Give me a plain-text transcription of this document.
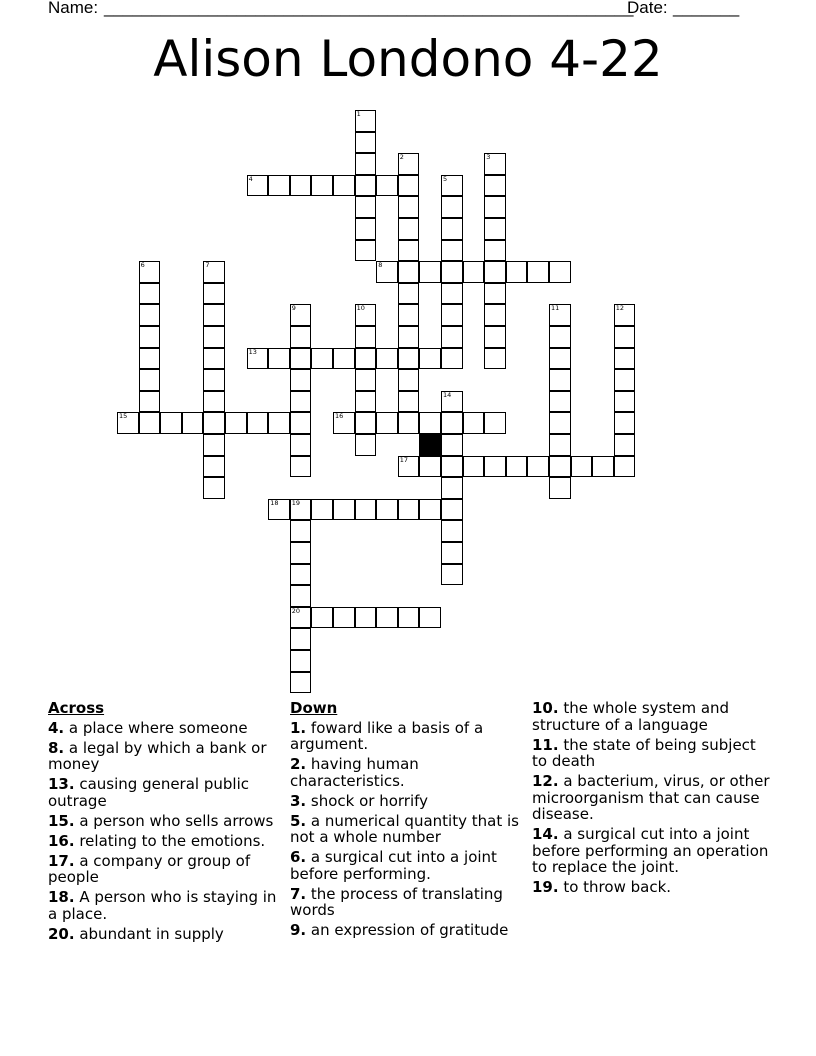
Name: ________________________________________________________
Date: _______
Alison Londono 4-22
1
2	3
4	5
6	7	8
9	10	11	12
13
14
15	16
17
18 19
20
Across
4. a place where someone
8. a legal by which a bank or money
13. causing general public outrage
15. a person who sells arrows
16. relating to the emotions.
17. a company or group of people
18. A person who is staying in a place.
20. abundant in supply
Down
1. foward like a basis of a argument.
2. having human characteristics.
3. shock or horrify
5. a numerical quantity that is not a whole number
6. a surgical cut into a joint before performing.
7. the process of translating words
9. an expression of gratitude
10. the whole system and structure of a language
11. the state of being subject to death
12. a bacterium, virus, or other microorganism that can cause disease.
14. a surgical cut into a joint before performing an operation to replace the joint.
19. to throw back.
